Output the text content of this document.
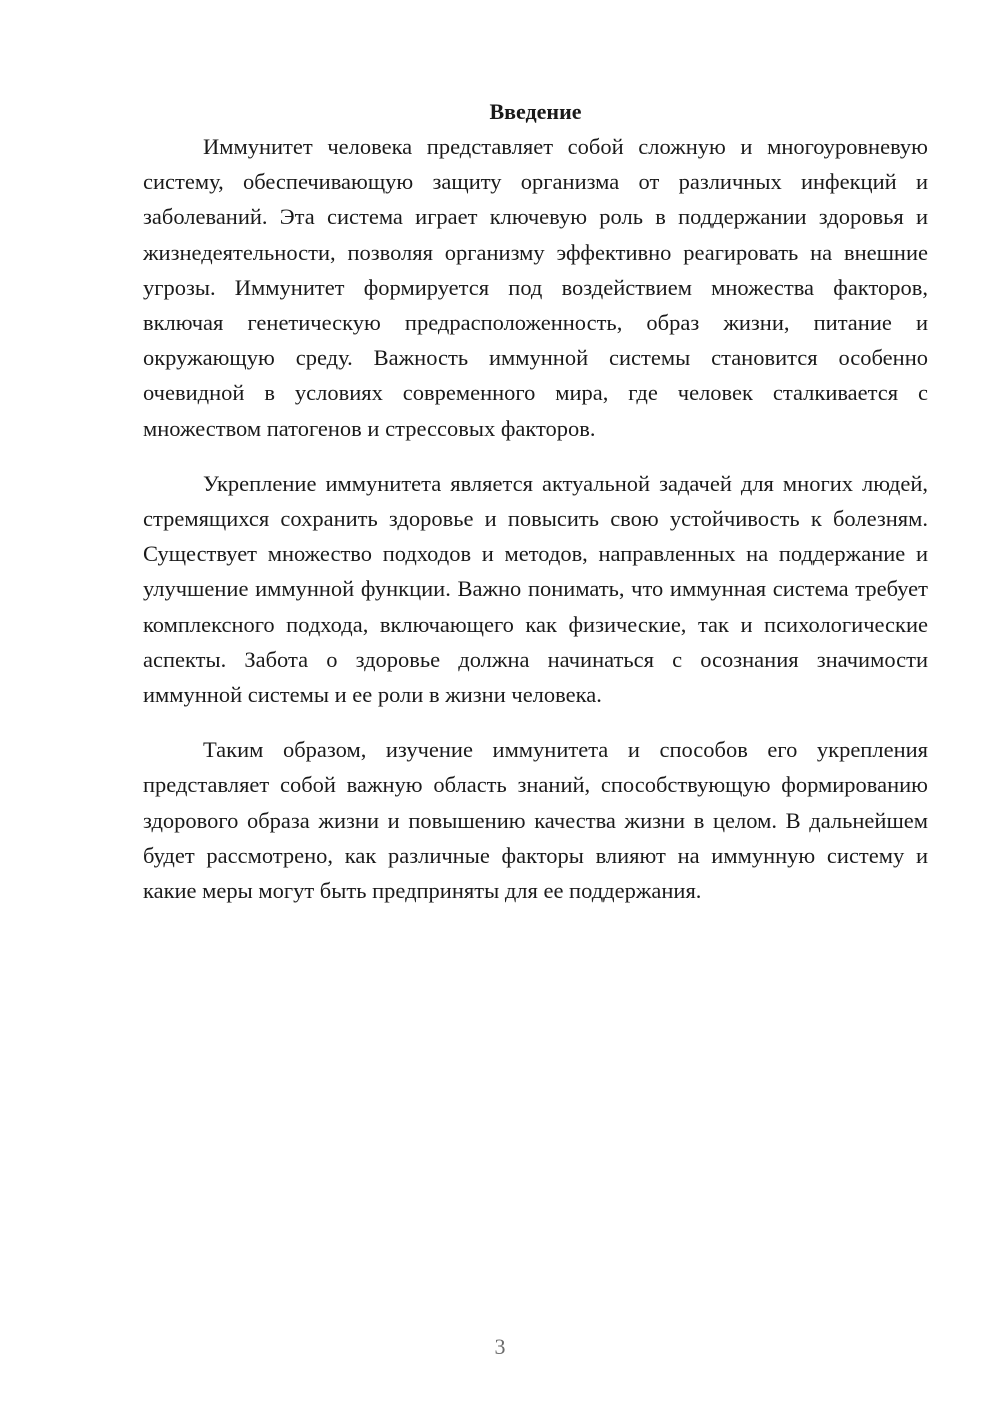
Введение

Иммунитет человека представляет собой сложную и многоуровневую систему, обеспечивающую защиту организма от различных инфекций и заболеваний. Эта система играет ключевую роль в поддержании здоровья и жизнедеятельности, позволяя организму эффективно реагировать на внешние угрозы. Иммунитет формируется под воздействием множества факторов, включая генетическую предрасположенность, образ жизни, питание и окружающую среду. Важность иммунной системы становится особенно очевидной в условиях современного мира, где человек сталкивается с множеством патогенов и стрессовых факторов.

Укрепление иммунитета является актуальной задачей для многих людей, стремящихся сохранить здоровье и повысить свою устойчивость к болезням. Существует множество подходов и методов, направленных на поддержание и улучшение иммунной функции. Важно понимать, что иммунная система требует комплексного подхода, включающего как физические, так и психологические аспекты. Забота о здоровье должна начинаться с осознания значимости иммунной системы и ее роли в жизни человека.

Таким образом, изучение иммунитета и способов его укрепления представляет собой важную область знаний, способствующую формированию здорового образа жизни и повышению качества жизни в целом. В дальнейшем будет рассмотрено, как различные факторы влияют на иммунную систему и какие меры могут быть предприняты для ее поддержания.

3
